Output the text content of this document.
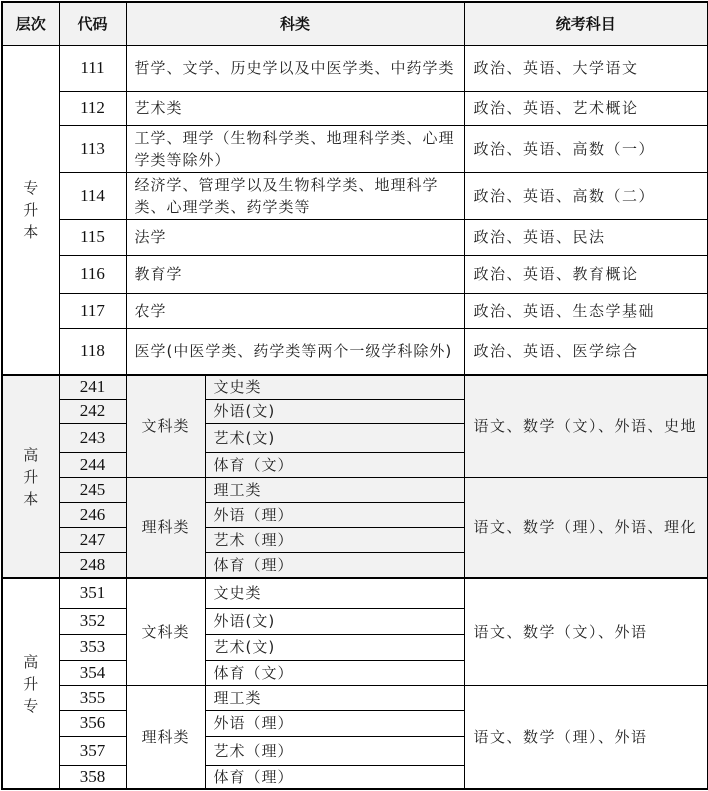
层次	代码	科类		统考科目
专升本	111	哲学、文学、历史学以及中医学类、中药学类		政治、英语、大学语文
	112	艺术类		政治、英语、艺术概论
	113	工学、理学（生物科学类、地理科学类、心理学类等除外）		政治、英语、高数（一）
	114	经济学、管理学以及生物科学类、地理科学类、心理学类、药学类等		政治、英语、高数（二）
	115	法学		政治、英语、民法
	116	教育学		政治、英语、教育概论
	117	农学		政治、英语、生态学基础
	118	医学(中医学类、药学类等两个一级学科除外)		政治、英语、医学综合
高升本	241	文科类	文史类	语文、数学（文）、外语、史地
	242		外语(文)	
	243		艺术(文)	
	244		体育（文）	
	245	理科类	理工类	语文、数学（理）、外语、理化
	246		外语（理）	
	247		艺术（理）	
	248		体育（理）	
高升专	351	文科类	文史类	语文、数学（文）、外语
	352		外语(文)	
	353		艺术(文)	
	354		体育（文）	
	355	理科类	理工类	语文、数学（理）、外语
	356		外语（理）	
	357		艺术（理）	
	358		体育（理）	
